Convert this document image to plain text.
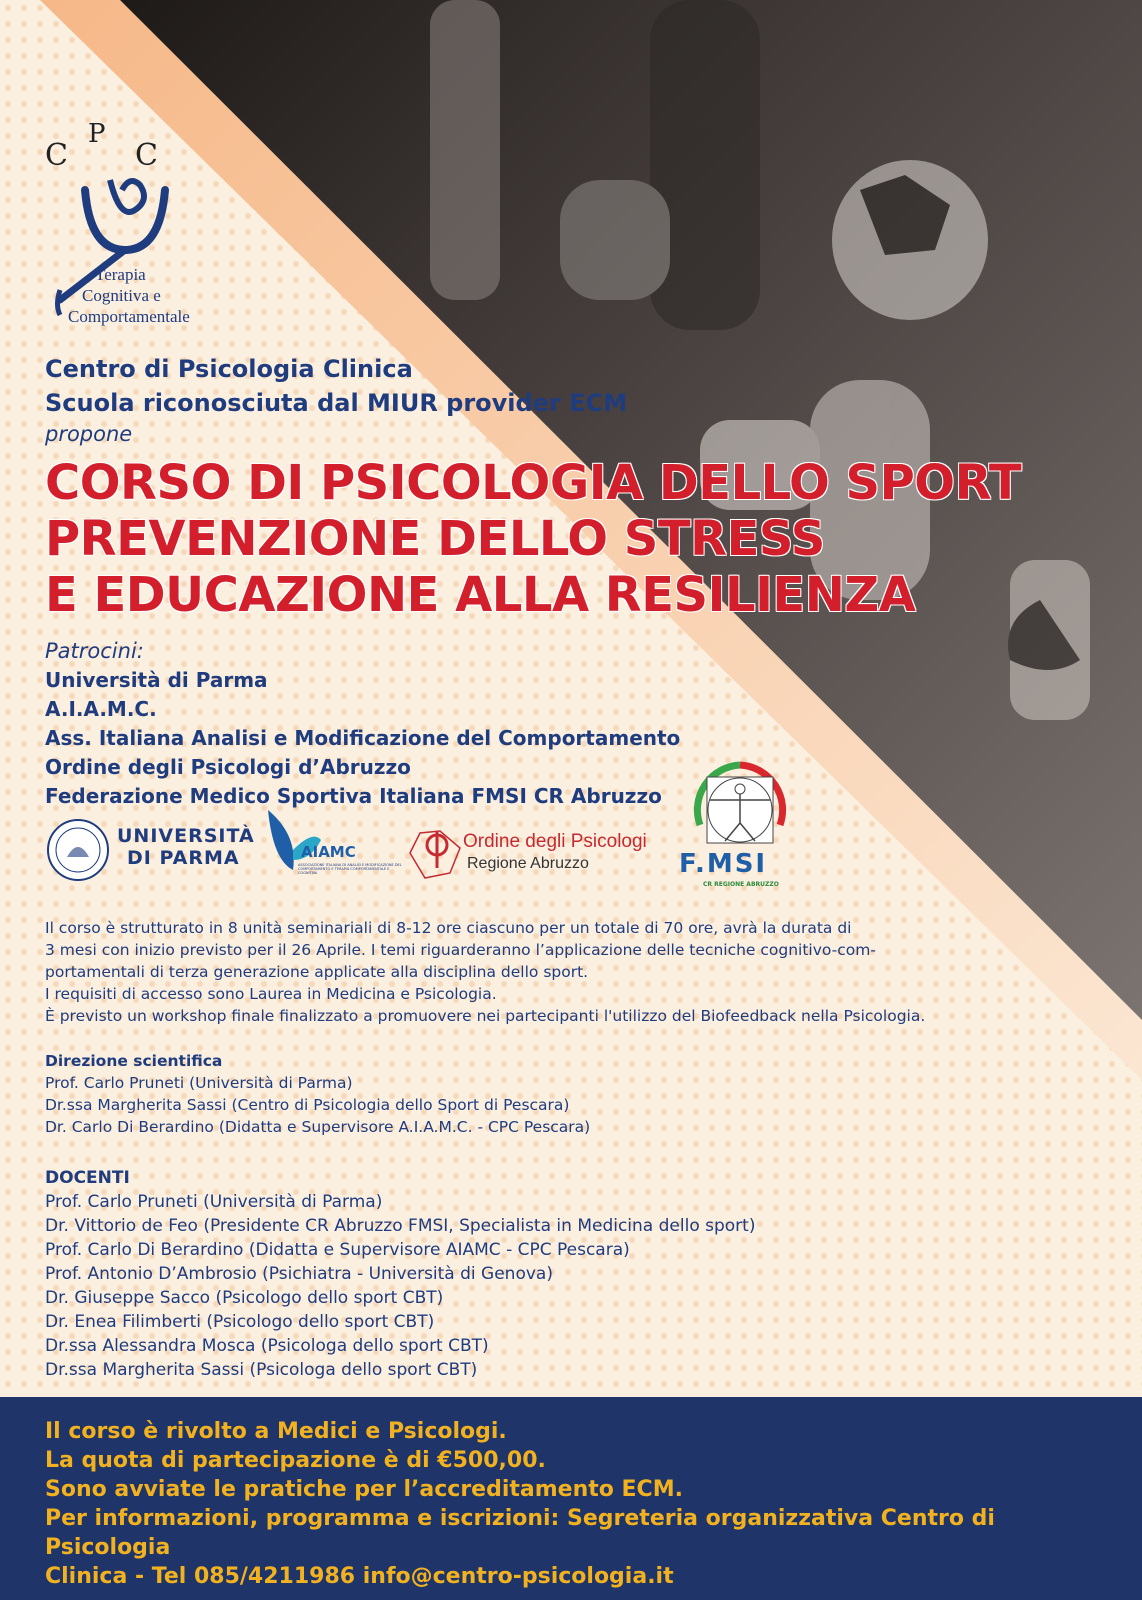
C
P
C
Terapia
Cognitiva e
Comportamentale
Centro di Psicologia Clinica
Scuola riconosciuta dal MIUR provider ECM
propone
CORSO DI PSICOLOGIA DELLO SPORT
PREVENZIONE DELLO STRESS
E EDUCAZIONE ALLA RESILIENZA
Patrocini:
Università di Parma
A.I.A.M.C.
Ass. Italiana Analisi e Modificazione del Comportamento
Ordine degli Psicologi d’Abruzzo
Federazione Medico Sportiva Italiana FMSI CR Abruzzo
UNIVERSITÀ
DI PARMA	AIAMC
ASSOCIAZIONE ITALIANA DI ANALISI E MODIFICAZIONE DEL COMPORTAMENTO E TERAPIA COMPORTAMENTALE E COGNITIVA
Ordine degli Psicologi
Regione Abruzzo	F.MSI
CR REGIONE ABRUZZO

Il corso è strutturato in 8 unità seminariali di 8-12 ore ciascuno per un totale di 70 ore, avrà la durata di

3 mesi con inizio previsto per il 26 Aprile. I temi riguarderanno l’applicazione delle tecniche cognitivo-com-

portamentali di terza generazione applicate alla disciplina dello sport.

I requisiti di accesso sono Laurea in Medicina e Psicologia.

È previsto un workshop finale finalizzato a promuovere nei partecipanti l'utilizzo del Biofeedback nella Psicologia.

Direzione scientifica
Prof. Carlo Pruneti (Università di Parma)
Dr.ssa Margherita Sassi (Centro di Psicologia dello Sport di Pescara)
Dr. Carlo Di Berardino (Didatta e Supervisore A.I.A.M.C. - CPC Pescara)
DOCENTI
Prof. Carlo Pruneti (Università di Parma)
Dr. Vittorio de Feo (Presidente CR Abruzzo FMSI, Specialista in Medicina dello sport)
Prof. Carlo Di Berardino (Didatta e Supervisore AIAMC - CPC Pescara)
Prof. Antonio D’Ambrosio (Psichiatra - Università di Genova)
Dr. Giuseppe Sacco (Psicologo dello sport CBT)
Dr. Enea Filimberti (Psicologo dello sport CBT)
Dr.ssa Alessandra Mosca (Psicologa dello sport CBT)
Dr.ssa Margherita Sassi (Psicologa dello sport CBT)
Il corso è rivolto a Medici e Psicologi.
La quota di partecipazione è di €500,00.
Sono avviate le pratiche per l’accreditamento ECM.
Per informazioni, programma e iscrizioni: Segreteria organizzativa Centro di Psicologia
Clinica - Tel 085/4211986 info@centro-psicologia.it
